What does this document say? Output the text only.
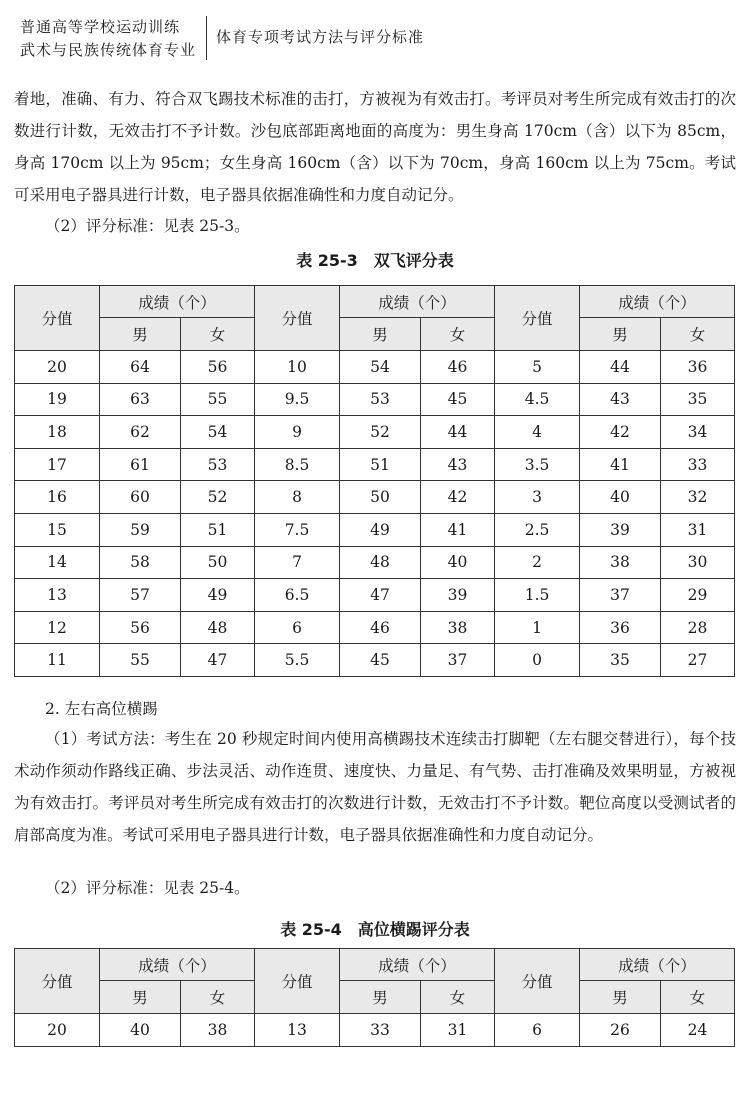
普通高等学校运动训练
武术与民族传统体育专业
体育专项考试方法与评分标准

着地，准确、有力、符合双飞踢技术标准的击打，方被视为有效击打。考评员对考生所完成有效击打的次数进行计数，无效击打不予计数。沙包底部距离地面的高度为：男生身高 170cm（含）以下为 85cm，身高 170cm 以上为 95cm；女生身高 160cm（含）以下为 70cm，身高 160cm 以上为 75cm。考试可采用电子器具进行计数，电子器具依据准确性和力度自动记分。

（2）评分标准：见表 25-3。

表 25-3　双飞评分表
分值	成绩（个）		分值	成绩（个）		分值	成绩（个）	
	男	女		男	女		男	女
20	64	56	10	54	46	5	44	36
19	63	55	9.5	53	45	4.5	43	35
18	62	54	9	52	44	4	42	34
17	61	53	8.5	51	43	3.5	41	33
16	60	52	8	50	42	3	40	32
15	59	51	7.5	49	41	2.5	39	31
14	58	50	7	48	40	2	38	30
13	57	49	6.5	47	39	1.5	37	29
12	56	48	6	46	38	1	36	28
11	55	47	5.5	45	37	0	35	27

2. 左右高位横踢

（1）考试方法：考生在 20 秒规定时间内使用高横踢技术连续击打脚靶（左右腿交替进行），每个技术动作须动作路线正确、步法灵活、动作连贯、速度快、力量足、有气势、击打准确及效果明显，方被视为有效击打。考评员对考生所完成有效击打的次数进行计数，无效击打不予计数。靶位高度以受测试者的肩部高度为准。考试可采用电子器具进行计数，电子器具依据准确性和力度自动记分。

（2）评分标准：见表 25-4。

表 25-4　高位横踢评分表
分值	成绩（个）		分值	成绩（个）		分值	成绩（个）	
	男	女		男	女		男	女
20	40	38	13	33	31	6	26	24
